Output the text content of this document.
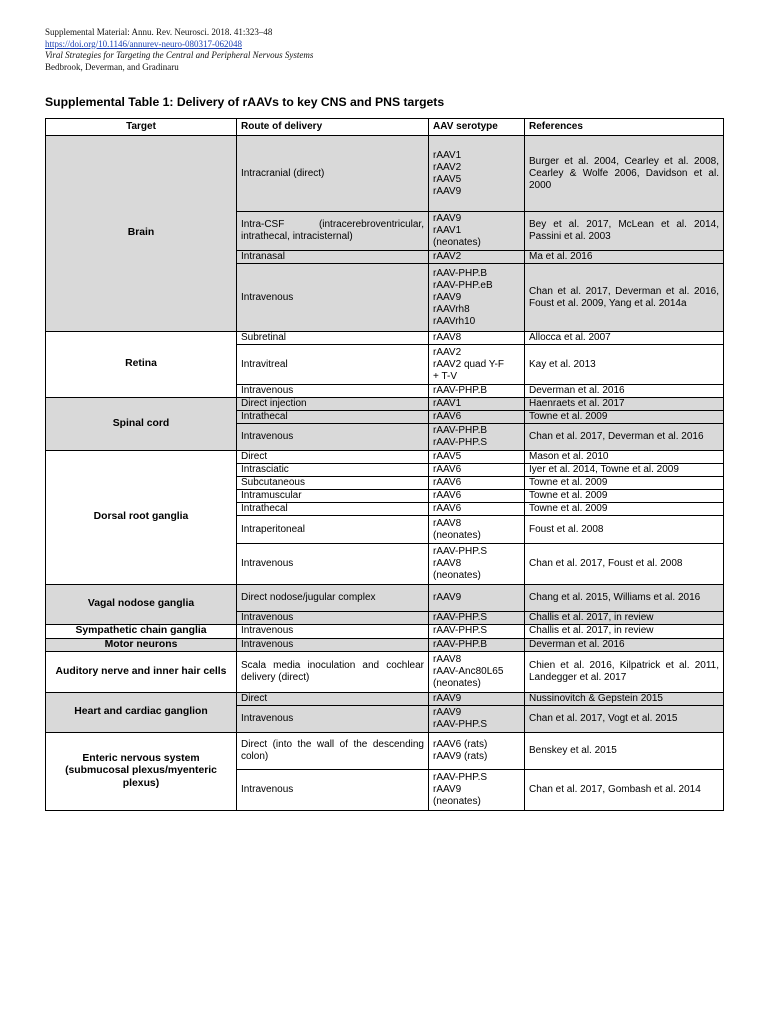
Supplemental Material: Annu. Rev. Neurosci. 2018. 41:323–48
https://doi.org/10.1146/annurev-neuro-080317-062048
Viral Strategies for Targeting the Central and Peripheral Nervous Systems
Bedbrook, Deverman, and Gradinaru
Supplemental Table 1: Delivery of rAAVs to key CNS and PNS targets
Target	Route of delivery	AAV serotype	References
Brain	Intracranial (direct)	rAAV1
rAAV2
rAAV5
rAAV9	Burger et al. 2004, Cearley et al. 2008, Cearley & Wolfe 2006, Davidson et al. 2000
	Intra-CSF (intracerebroventricular, intrathecal, intracisternal)	rAAV9
rAAV1
(neonates)	Bey et al. 2017, McLean et al. 2014, Passini et al. 2003
	Intranasal	rAAV2	Ma et al. 2016
	Intravenous	rAAV-PHP.B
rAAV-PHP.eB
rAAV9
rAAVrh8
rAAVrh10	Chan et al. 2017, Deverman et al. 2016, Foust et al. 2009, Yang et al. 2014a
Retina	Subretinal	rAAV8	Allocca et al. 2007
	Intravitreal	rAAV2
rAAV2 quad Y-F
+ T-V	Kay et al. 2013
	Intravenous	rAAV-PHP.B	Deverman et al. 2016
Spinal cord	Direct injection	rAAV1	Haenraets et al. 2017
	Intrathecal	rAAV6	Towne et al. 2009
	Intravenous	rAAV-PHP.B
rAAV-PHP.S	Chan et al. 2017, Deverman et al. 2016
Dorsal root ganglia	Direct	rAAV5	Mason et al. 2010
	Intrasciatic	rAAV6	Iyer et al. 2014, Towne et al. 2009
	Subcutaneous	rAAV6	Towne et al. 2009
	Intramuscular	rAAV6	Towne et al. 2009
	Intrathecal	rAAV6	Towne et al. 2009
	Intraperitoneal	rAAV8
(neonates)	Foust et al. 2008
	Intravenous	rAAV-PHP.S
rAAV8
(neonates)	Chan et al. 2017, Foust et al. 2008
Vagal nodose ganglia	Direct nodose/jugular complex	rAAV9	Chang et al. 2015, Williams et al. 2016
	Intravenous	rAAV-PHP.S	Challis et al. 2017, in review
Sympathetic chain ganglia	Intravenous	rAAV-PHP.S	Challis et al. 2017, in review
Motor neurons	Intravenous	rAAV-PHP.B	Deverman et al. 2016
Auditory nerve and inner hair cells	Scala media inoculation and cochlear delivery (direct)	rAAV8
rAAV-Anc80L65
(neonates)	Chien et al. 2016, Kilpatrick et al. 2011, Landegger et al. 2017
Heart and cardiac ganglion	Direct	rAAV9	Nussinovitch & Gepstein 2015
	Intravenous	rAAV9
rAAV-PHP.S	Chan et al. 2017, Vogt et al. 2015
Enteric nervous system (submucosal plexus/myenteric plexus)	Direct (into the wall of the descending colon)	rAAV6 (rats)
rAAV9 (rats)	Benskey et al. 2015
	Intravenous	rAAV-PHP.S
rAAV9
(neonates)	Chan et al. 2017, Gombash et al. 2014
